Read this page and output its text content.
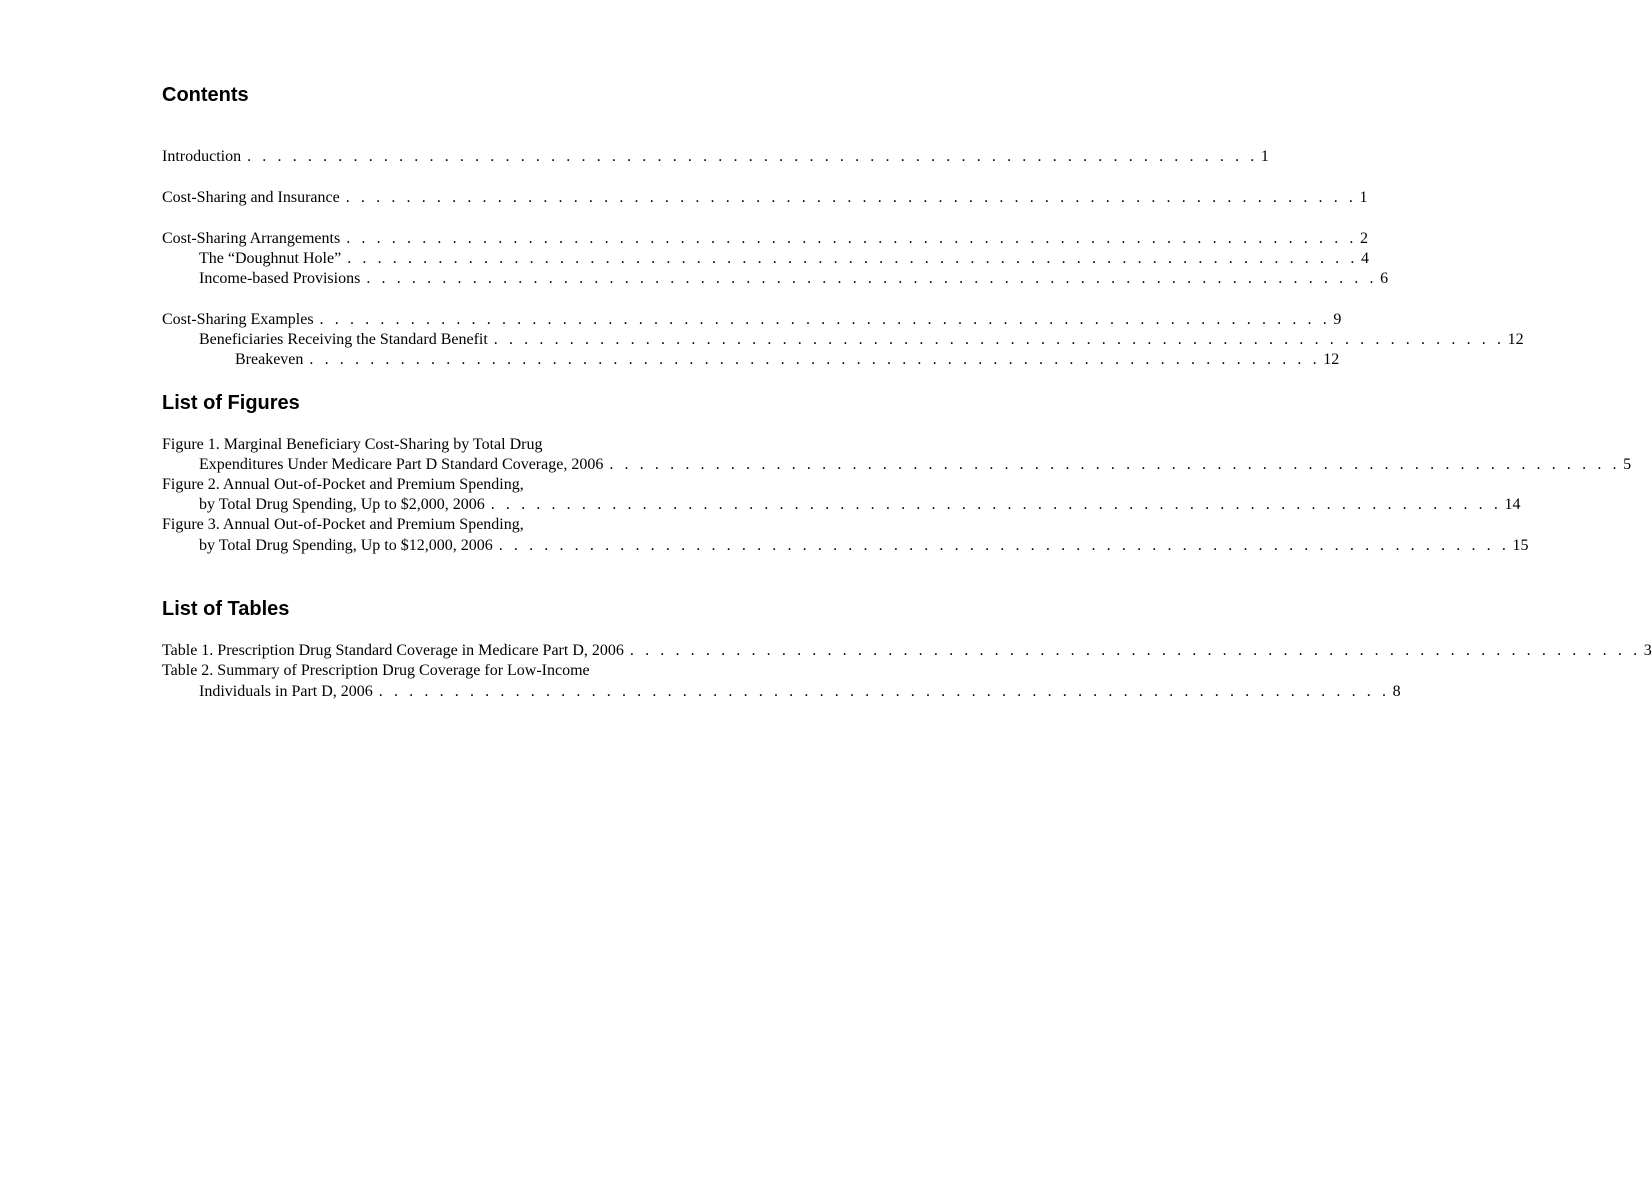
Contents
Introduction . . . . . . . . . . . . . . . . . . . . . . . . . . . . . . . . . . . . . . . . . . . . . . . . . . . . . . . . . . . . . . . . . . . 1
Cost-Sharing and Insurance . . . . . . . . . . . . . . . . . . . . . . . . . . . . . . . . . . . . . . . . . . . . . . . . . . . . . . . . . . . . . . . . . . . 1
Cost-Sharing Arrangements . . . . . . . . . . . . . . . . . . . . . . . . . . . . . . . . . . . . . . . . . . . . . . . . . . . . . . . . . . . . . . . . . . . 2
The “Doughnut Hole” . . . . . . . . . . . . . . . . . . . . . . . . . . . . . . . . . . . . . . . . . . . . . . . . . . . . . . . . . . . . . . . . . . . 4
Income-based Provisions . . . . . . . . . . . . . . . . . . . . . . . . . . . . . . . . . . . . . . . . . . . . . . . . . . . . . . . . . . . . . . . . . . . 6
Cost-Sharing Examples . . . . . . . . . . . . . . . . . . . . . . . . . . . . . . . . . . . . . . . . . . . . . . . . . . . . . . . . . . . . . . . . . . . 9
Beneficiaries Receiving the Standard Benefit . . . . . . . . . . . . . . . . . . . . . . . . . . . . . . . . . . . . . . . . . . . . . . . . . . . . . . . . . . . . . . . . . . . 12
Breakeven . . . . . . . . . . . . . . . . . . . . . . . . . . . . . . . . . . . . . . . . . . . . . . . . . . . . . . . . . . . . . . . . . . . 12
List of Figures
Figure 1. Marginal Beneficiary Cost-Sharing by Total Drug
Expenditures Under Medicare Part D Standard Coverage, 2006 . . . . . . . . . . . . . . . . . . . . . . . . . . . . . . . . . . . . . . . . . . . . . . . . . . . . . . . . . . . . . . . . . . . 5
Figure 2. Annual Out-of-Pocket and Premium Spending,
by Total Drug Spending, Up to $2,000, 2006 . . . . . . . . . . . . . . . . . . . . . . . . . . . . . . . . . . . . . . . . . . . . . . . . . . . . . . . . . . . . . . . . . . . 14
Figure 3. Annual Out-of-Pocket and Premium Spending,
by Total Drug Spending, Up to $12,000, 2006 . . . . . . . . . . . . . . . . . . . . . . . . . . . . . . . . . . . . . . . . . . . . . . . . . . . . . . . . . . . . . . . . . . . 15
List of Tables
Table 1. Prescription Drug Standard Coverage in Medicare Part D, 2006 . . . . . . . . . . . . . . . . . . . . . . . . . . . . . . . . . . . . . . . . . . . . . . . . . . . . . . . . . . . . . . . . . . . 3
Table 2. Summary of Prescription Drug Coverage for Low-Income
Individuals in Part D, 2006 . . . . . . . . . . . . . . . . . . . . . . . . . . . . . . . . . . . . . . . . . . . . . . . . . . . . . . . . . . . . . . . . . . . 8
